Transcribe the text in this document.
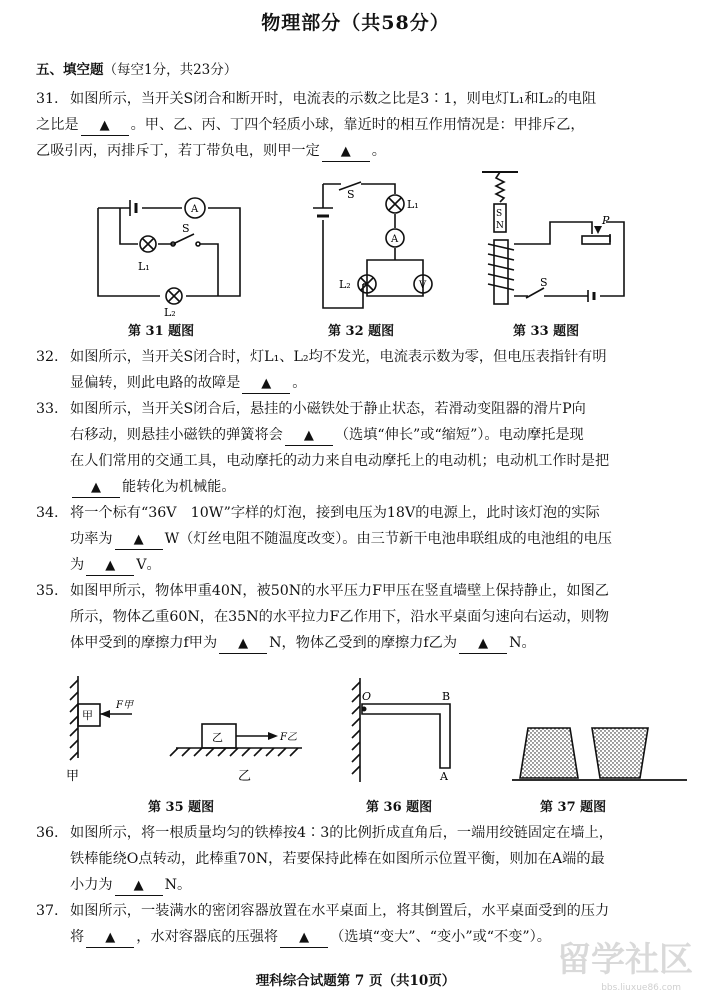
物理部分（共58分）
五、填空题（每空1分，共23分）

31. 如图所示，当开关S闭合和断开时，电流表的示数之比是3∶1，则电灯L₁和L₂的电阻

之比是 ▲ 。甲、乙、丙、丁四个轻质小球，靠近时的相互作用情况是：甲排斥乙，

乙吸引丙，丙排斥丁，若丁带负电，则甲一定 ▲ 。

A
S
L₁
L₂
第 31 题图
S
L₁
A
L₂	V
第 32 题图
S
N	P
S
第 33 题图

32. 如图所示，当开关S闭合时，灯L₁、L₂均不发光，电流表示数为零，但电压表指针有明

显偏转，则此电路的故障是 ▲ 。

33. 如图所示，当开关S闭合后，悬挂的小磁铁处于静止状态，若滑动变阻器的滑片P向

右移动，则悬挂小磁铁的弹簧将会 ▲ （选填“伸长”或“缩短”）。电动摩托是现

在人们常用的交通工具，电动摩托的动力来自电动摩托上的电动机；电动机工作时是把

▲ 能转化为机械能。

34. 将一个标有“36V　10W”字样的灯泡，接到电压为18V的电源上，此时该灯泡的实际

功率为 ▲ W（灯丝电阻不随温度改变）。由三节新干电池串联组成的电池组的电压

为 ▲ V。

35. 如图甲所示，物体甲重40N，被50N的水平压力F甲压在竖直墙壁上保持静止，如图乙

所示，物体乙重60N，在35N的水平拉力F乙作用下，沿水平桌面匀速向右运动，则物

体甲受到的摩擦力f甲为 ▲ N，物体乙受到的摩擦力f乙为 ▲ N。

甲
F甲
乙	F乙
甲	乙
第 35 题图
O	B
A
第 36 题图	第 37 题图

36. 如图所示，将一根质量均匀的铁棒按4∶3的比例折成直角后，一端用绞链固定在墙上，

铁棒能绕O点转动，此棒重70N，若要保持此棒在如图所示位置平衡，则加在A端的最

小力为 ▲ N。

37. 如图所示，一装满水的密闭容器放置在水平桌面上，将其倒置后，水平桌面受到的压力

将 ▲ ，水对容器底的压强将 ▲ （选填“变大”、“变小”或“不变”）。

理科综合试题第 7 页（共10页）
留学社区
bbs.liuxue86.com
